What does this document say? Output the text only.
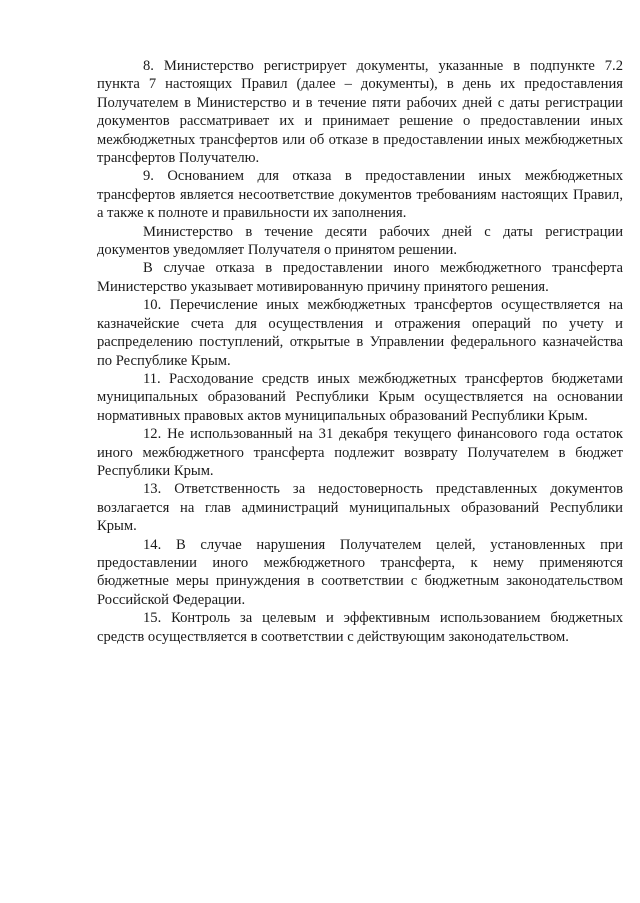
8. Министерство регистрирует документы, указанные в подпункте 7.2 пункта 7 настоящих Правил (далее – документы), в день их предоставления Получателем в Министерство и в течение пяти рабочих дней с даты регистрации документов рассматривает их и принимает решение о предоставлении иных межбюджетных трансфертов или об отказе в предоставлении иных межбюджетных трансфертов Получателю.

9. Основанием для отказа в предоставлении иных межбюджетных трансфертов является несоответствие документов требованиям настоящих Правил, а также к полноте и правильности их заполнения.

Министерство в течение десяти рабочих дней с даты регистрации документов уведомляет Получателя о принятом решении.

В случае отказа в предоставлении иного межбюджетного трансферта Министерство указывает мотивированную причину принятого решения.

10. Перечисление иных межбюджетных трансфертов осуществляется на казначейские счета для осуществления и отражения операций по учету и распределению поступлений, открытые в Управлении федерального казначейства по Республике Крым.

11. Расходование средств иных межбюджетных трансфертов бюджетами муниципальных образований Республики Крым осуществляется на основании нормативных правовых актов муниципальных образований Республики Крым.

12. Не использованный на 31 декабря текущего финансового года остаток иного межбюджетного трансферта подлежит возврату Получателем в бюджет Республики Крым.

13. Ответственность за недостоверность представленных документов возлагается на глав администраций муниципальных образований Республики Крым.

14. В случае нарушения Получателем целей, установленных при предоставлении иного межбюджетного трансферта, к нему применяются бюджетные меры принуждения в соответствии с бюджетным законодательством Российской Федерации.

15. Контроль за целевым и эффективным использованием бюджетных средств осуществляется в соответствии с действующим законодательством.
